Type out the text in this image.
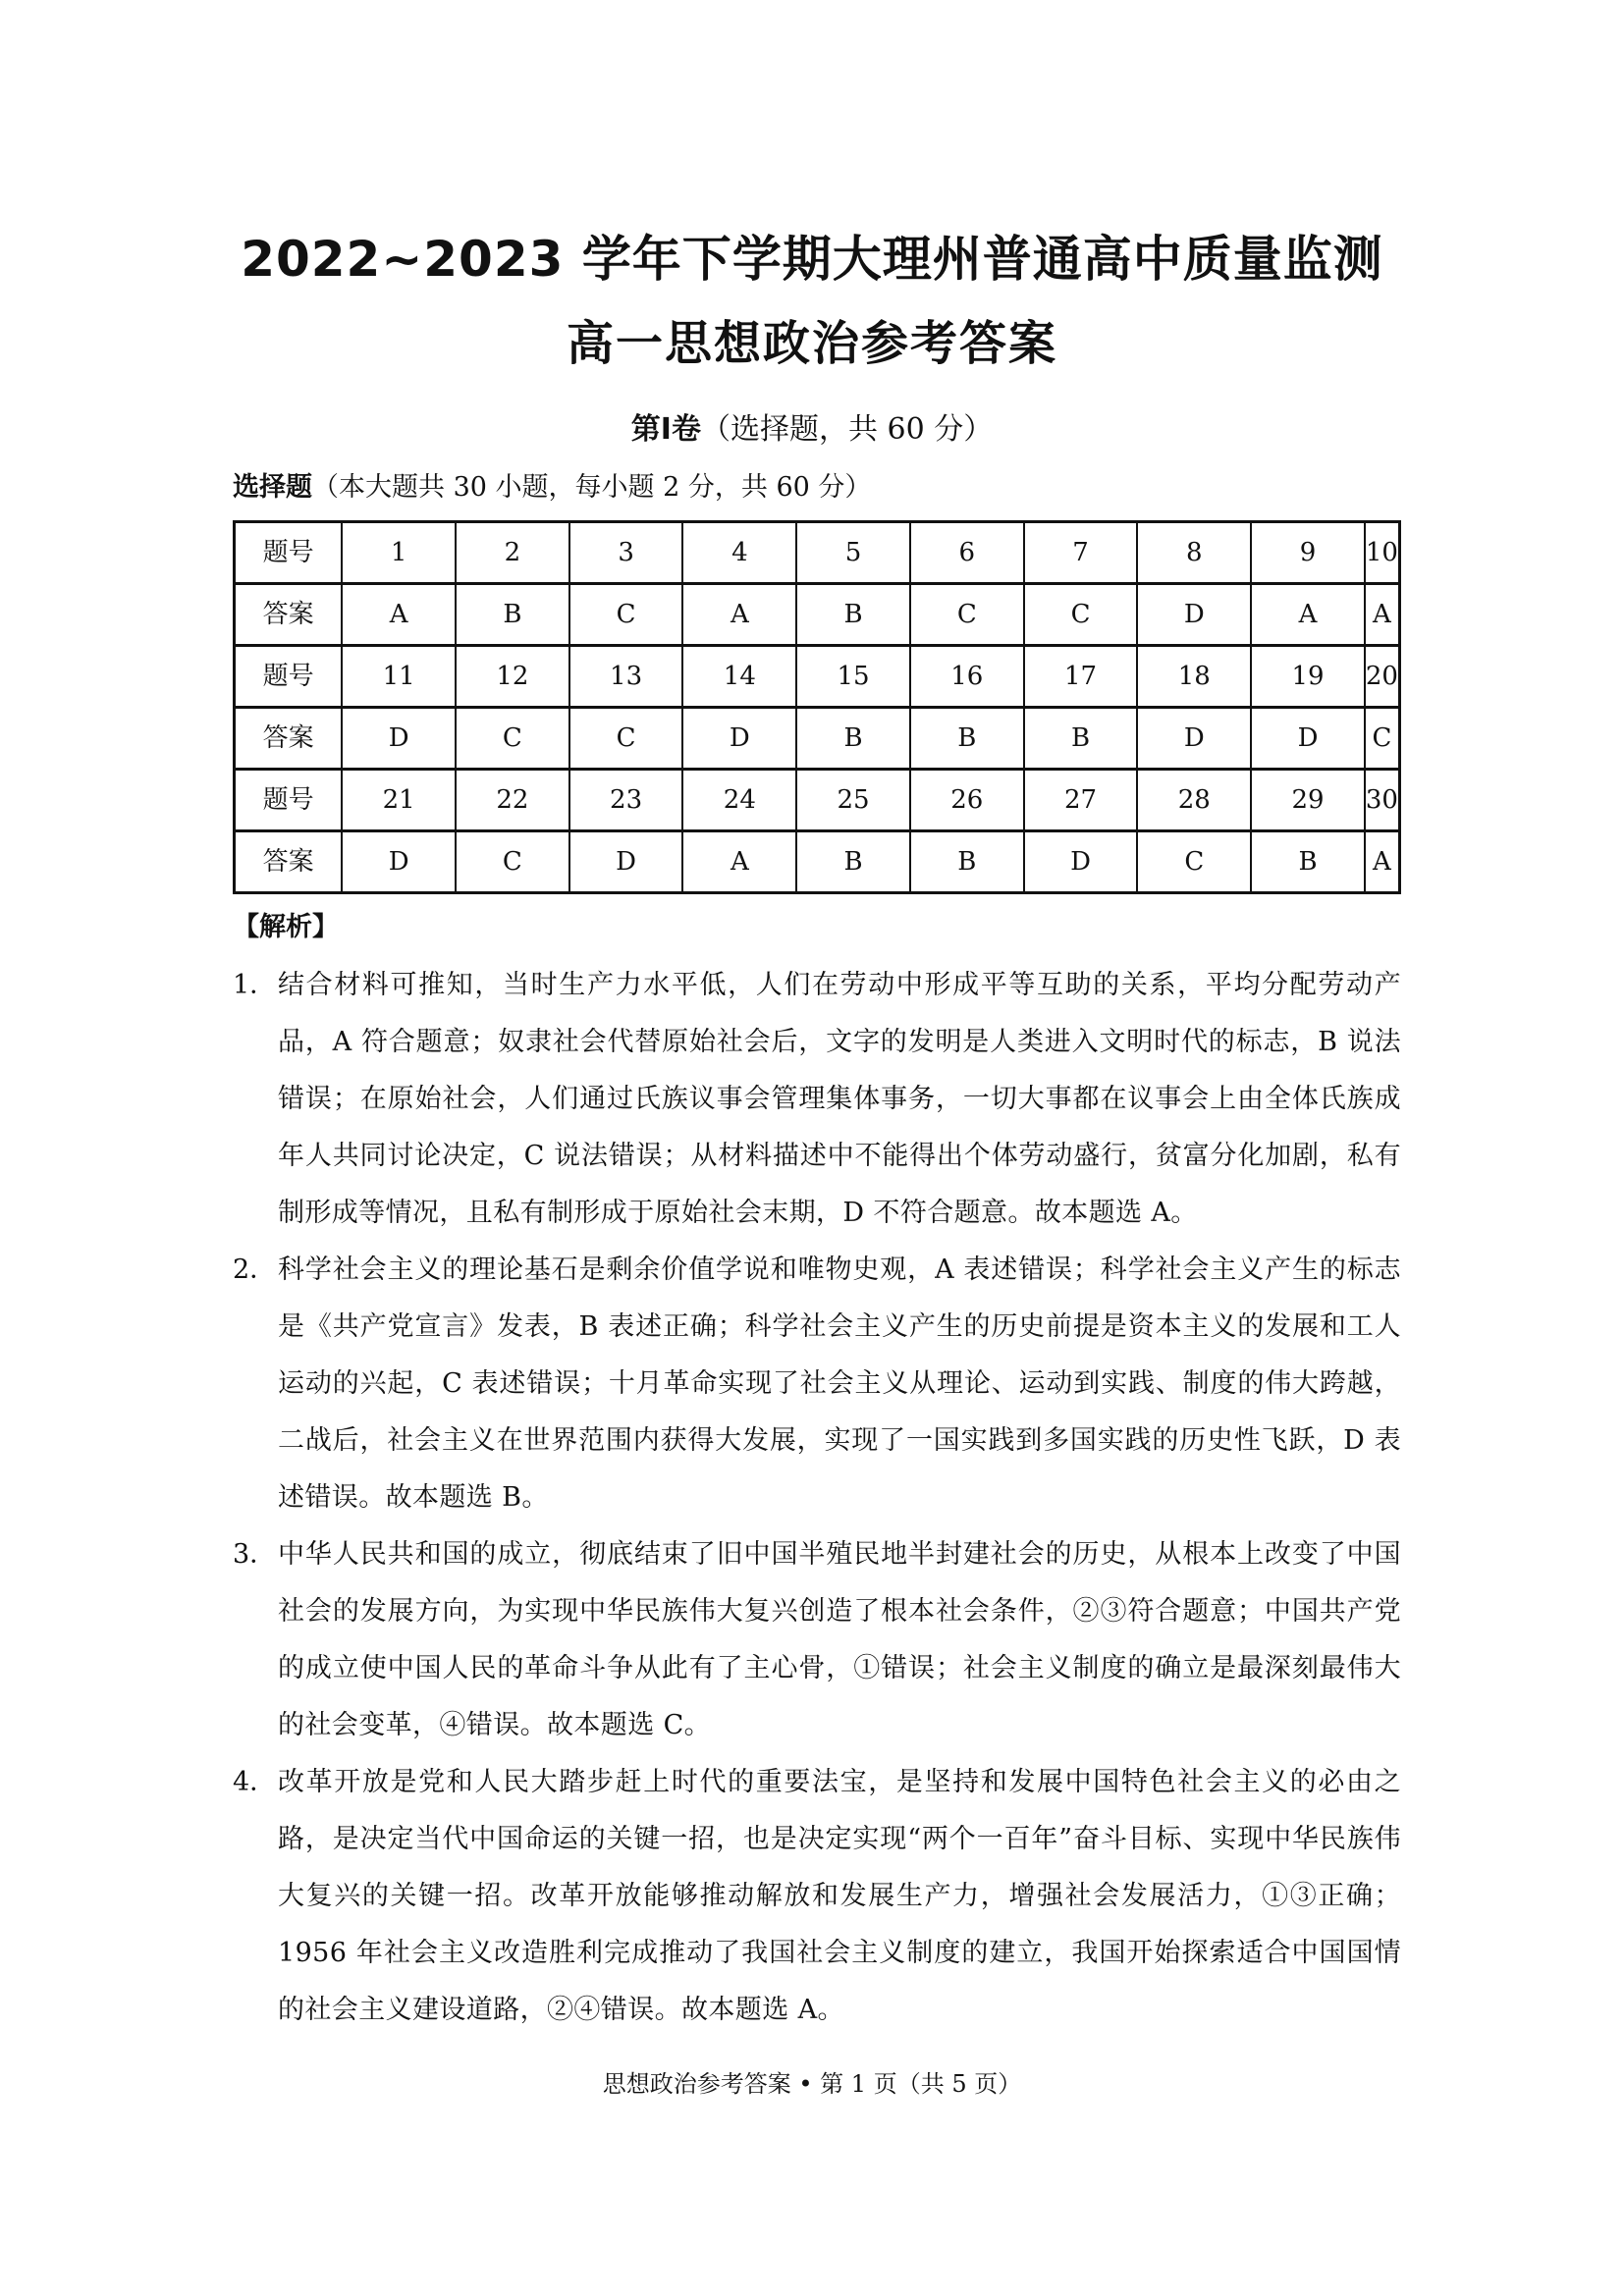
2022~2023 学年下学期大理州普通高中质量监测
高一思想政治参考答案
第Ⅰ卷（选择题，共 60 分）
选择题（本大题共 30 小题，每小题 2 分，共 60 分）
题号	1	2	3	4	5	6	7	8	9	10
答案	A	B	C	A	B	C	C	D	A	A
题号	11	12	13	14	15	16	17	18	19	20
答案	D	C	C	D	B	B	B	D	D	C
题号	21	22	23	24	25	26	27	28	29	30
答案	D	C	D	A	B	B	D	C	B	A
【解析】
1． 结合材料可推知，当时生产力水平低，人们在劳动中形成平等互助的关系，平均分配劳动产品，A 符合题意；奴隶社会代替原始社会后，文字的发明是人类进入文明时代的标志，B 说法错误；在原始社会，人们通过氏族议事会管理集体事务，一切大事都在议事会上由全体氏族成年人共同讨论决定，C 说法错误；从材料描述中不能得出个体劳动盛行，贫富分化加剧，私有制形成等情况，且私有制形成于原始社会末期，D 不符合题意。故本题选 A。
2． 科学社会主义的理论基石是剩余价值学说和唯物史观，A 表述错误；科学社会主义产生的标志是《共产党宣言》发表，B 表述正确；科学社会主义产生的历史前提是资本主义的发展和工人运动的兴起，C 表述错误；十月革命实现了社会主义从理论、运动到实践、制度的伟大跨越，二战后，社会主义在世界范围内获得大发展，实现了一国实践到多国实践的历史性飞跃，D 表述错误。故本题选 B。
3． 中华人民共和国的成立，彻底结束了旧中国半殖民地半封建社会的历史，从根本上改变了中国社会的发展方向，为实现中华民族伟大复兴创造了根本社会条件，②③符合题意；中国共产党的成立使中国人民的革命斗争从此有了主心骨，①错误；社会主义制度的确立是最深刻最伟大的社会变革，④错误。故本题选 C。
4． 改革开放是党和人民大踏步赶上时代的重要法宝，是坚持和发展中国特色社会主义的必由之路，是决定当代中国命运的关键一招，也是决定实现“两个一百年”奋斗目标、实现中华民族伟大复兴的关键一招。改革开放能够推动解放和发展生产力，增强社会发展活力，①③正确；1956 年社会主义改造胜利完成推动了我国社会主义制度的建立，我国开始探索适合中国国情的社会主义建设道路，②④错误。故本题选 A。
思想政治参考答案 • 第 1 页（共 5 页）
